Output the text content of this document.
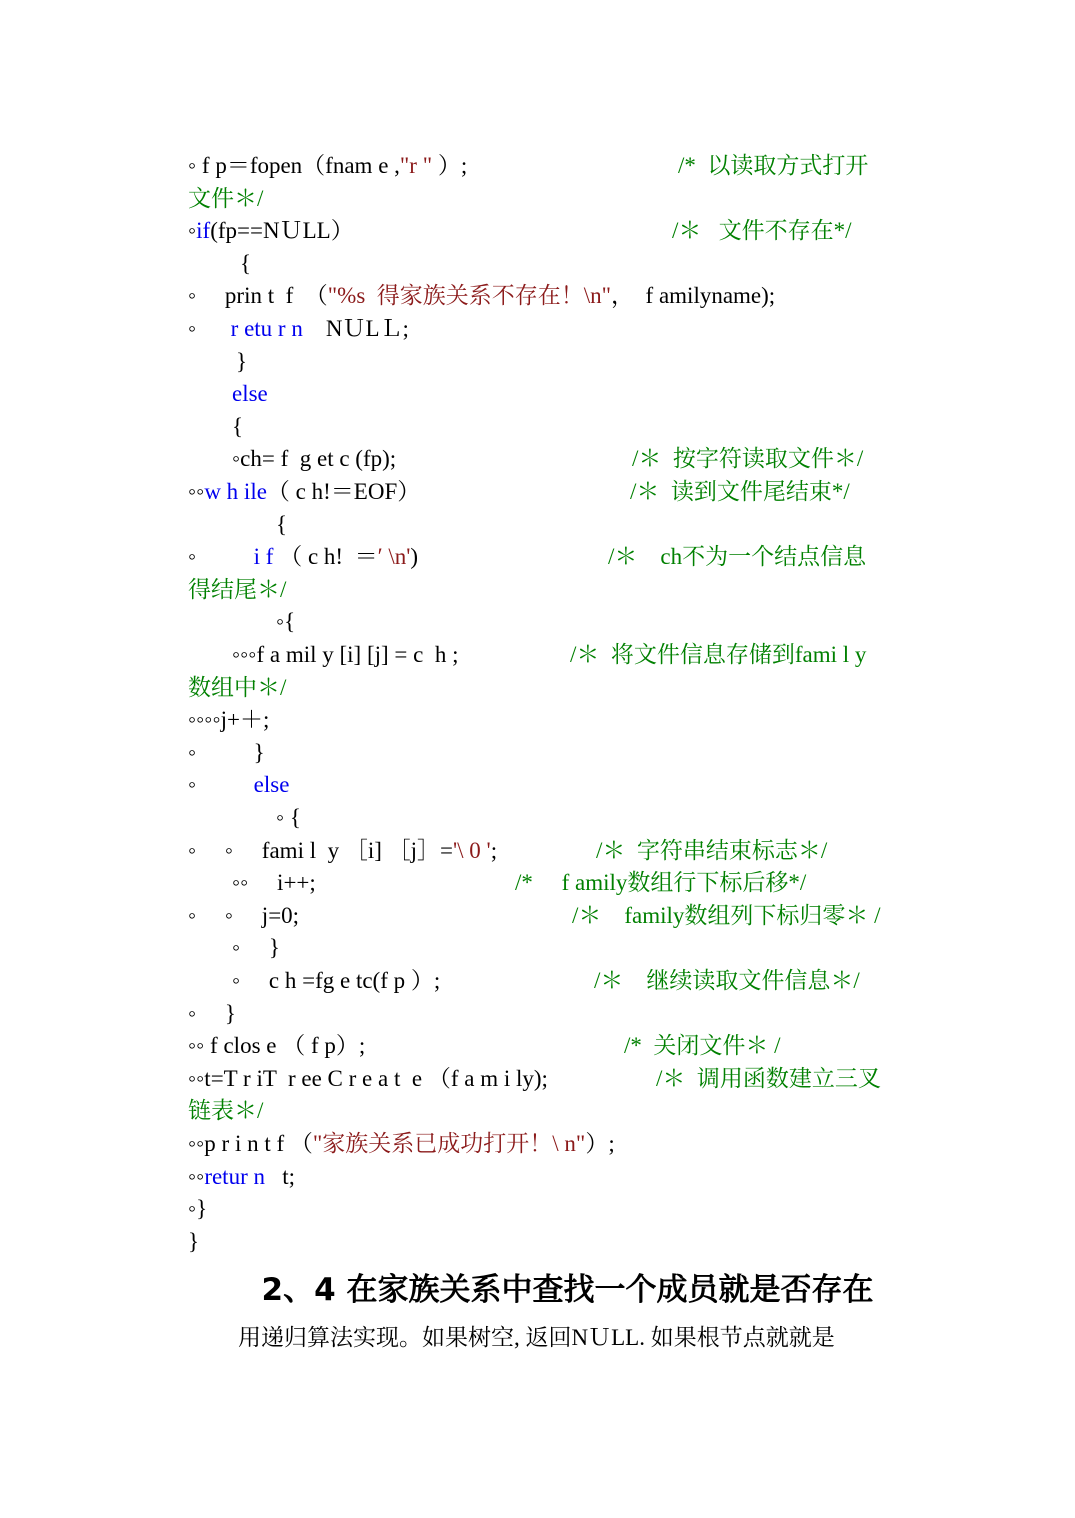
◦ f p＝fopen（fnam e ,"r " ）;	/*  以读取方式打开
文件＊/
◦if(fp==NＵLL）	/＊   文件不存在*/
{
◦     prin t  f  （"%s  得家族关系不存在！\n"，  f amilyname);
◦      r etu r n    NＵLＬ;
}
else
{
◦ch= f  g et c (fp);	/＊  按字符读取文件＊/
◦◦w h ile（ c h!＝EOF）	/＊  读到文件尾结束*/
{
◦          i f （ c h!  ＝′ \n')	/＊    ch不为一个结点信息
得结尾＊/
◦{
◦◦◦f a mil y [i] [j] = c  h ;	/＊  将文件信息存储到fami l y
数组中＊/
◦◦◦◦j+＋;
◦          }
◦          else
◦ {
◦     ◦     fami l  y ［i] ［j］='\ 0 ';	/＊  字符串结束标志＊/
◦◦     i++;	/*     f amily数组行下标后移*/
◦     ◦     j=0;	/＊    family数组列下标归零＊ /
◦     }
◦     c h =fg e tc(f p ）;	/＊    继续读取文件信息＊/
◦     }
◦◦ f clos e （ f p）;	/*  关闭文件＊ /
◦◦t=T r iT  r ee C r e a t  e （f a m i ly);	/＊  调用函数建立三叉
链表＊/
◦◦p r i n t f （"家族关系已成功打开！\ n"）;
◦◦retur n   t;
◦}
}
2、4 在家族关系中查找一个成员就是否存在
用递归算法实现。如果树空, 返回NＵLL. 如果根节点就就是
